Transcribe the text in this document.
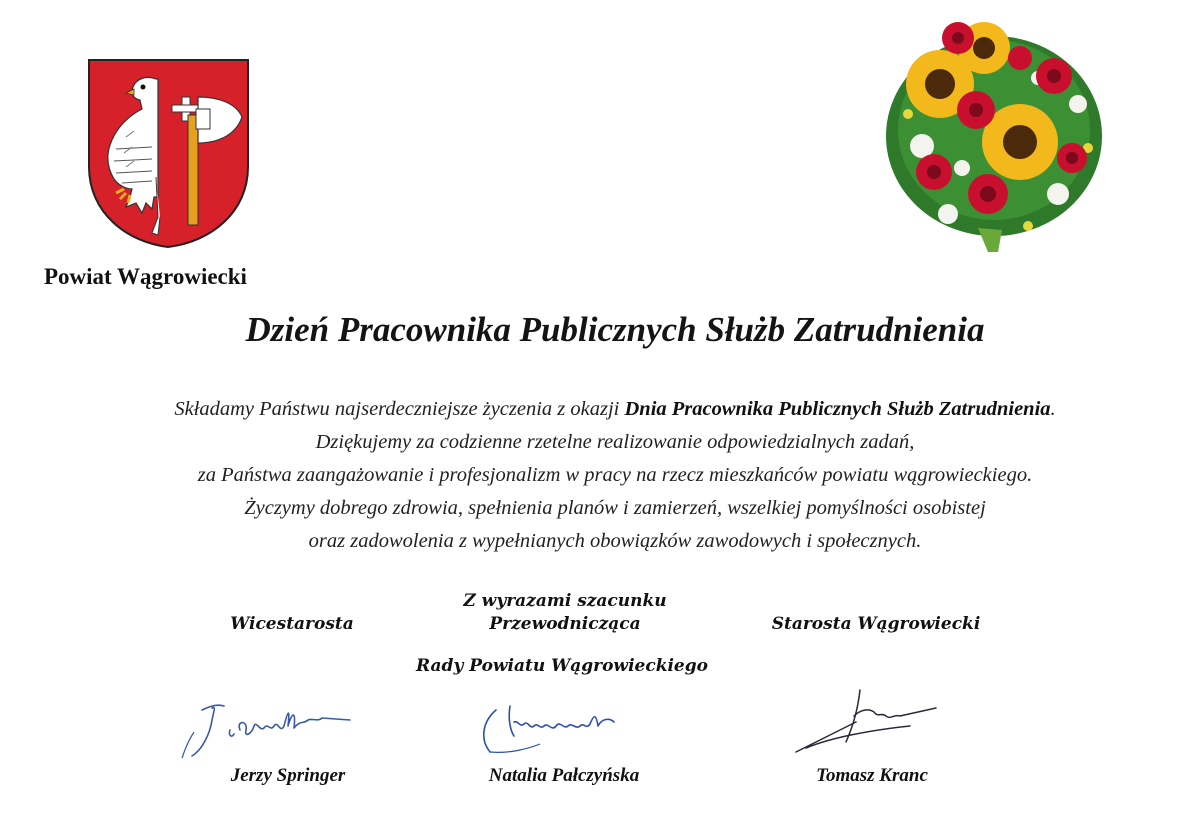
Powiat Wągrowiecki
Dzień Pracownika Publicznych Służb Zatrudnienia
Składamy Państwu najserdeczniejsze życzenia z okazji Dnia Pracownika Publicznych Służb Zatrudnienia.
Dziękujemy za codzienne rzetelne realizowanie odpowiedzialnych zadań,
za Państwa zaangażowanie i profesjonalizm w pracy na rzecz mieszkańców powiatu wągrowieckiego.
Życzymy dobrego zdrowia, spełnienia planów i zamierzeń, wszelkiej pomyślności osobistej
oraz zadowolenia z wypełnianych obowiązków zawodowych i społecznych.
Z wyrazami szacunku
Wicestarosta	Przewodnicząca	Starosta Wągrowiecki
Rady Powiatu Wągrowieckiego
Jerzy Springer	Natalia Pałczyńska	Tomasz Kranc
